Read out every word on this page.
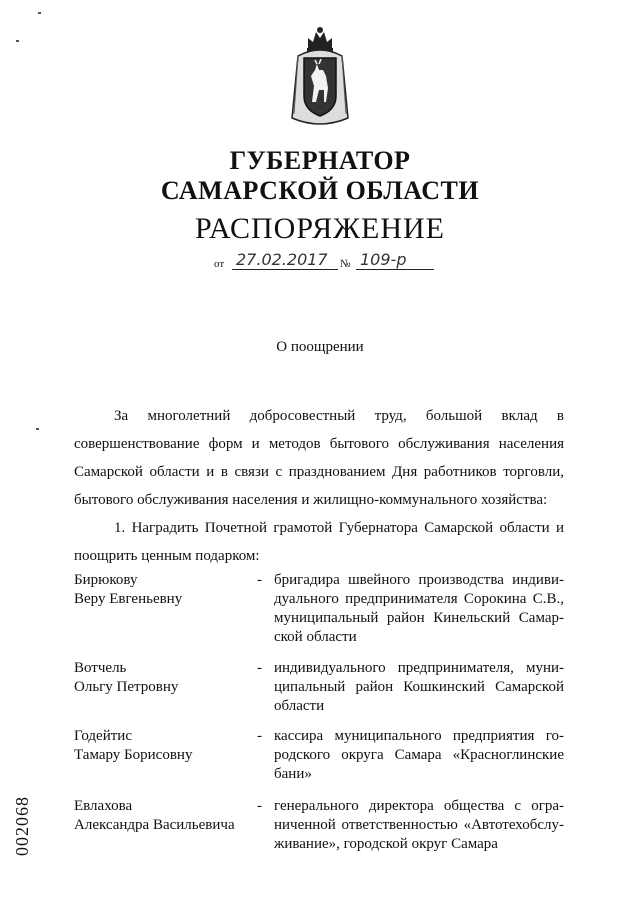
ГУБЕРНАТОР
САМАРСКОЙ ОБЛАСТИ
РАСПОРЯЖЕНИЕ
от 27.02.2017	№ 109-р
О поощрении
За многолетний добросовестный труд, большой вклад в
совершенствование форм и методов бытового обслуживания населения
Самарской области и в связи с празднованием Дня работников торговли,
бытового обслуживания населения и жилищно-коммунального хозяйства:
1. Наградить Почетной грамотой Губернатора Самарской области и
поощрить ценным подарком:
Бирюкову
Веру Евгеньевну
- бригадира швейного производства индиви-
дуального предпринимателя Сорокина С.В.,
муниципальный район Кинельский Самар-
ской области
Вотчель
Ольгу Петровну
- индивидуального предпринимателя, муни-
ципальный район Кошкинский Самарской
области
Годейтис
Тамару Борисовну
- кассира муниципального предприятия го-
родского округа Самара «Красноглинские
бани»
Евлахова
Александра Васильевича
- генерального директора общества с огра-
ниченной ответственностью «Автотехобслу-
живание», городской округ Самара
002068
